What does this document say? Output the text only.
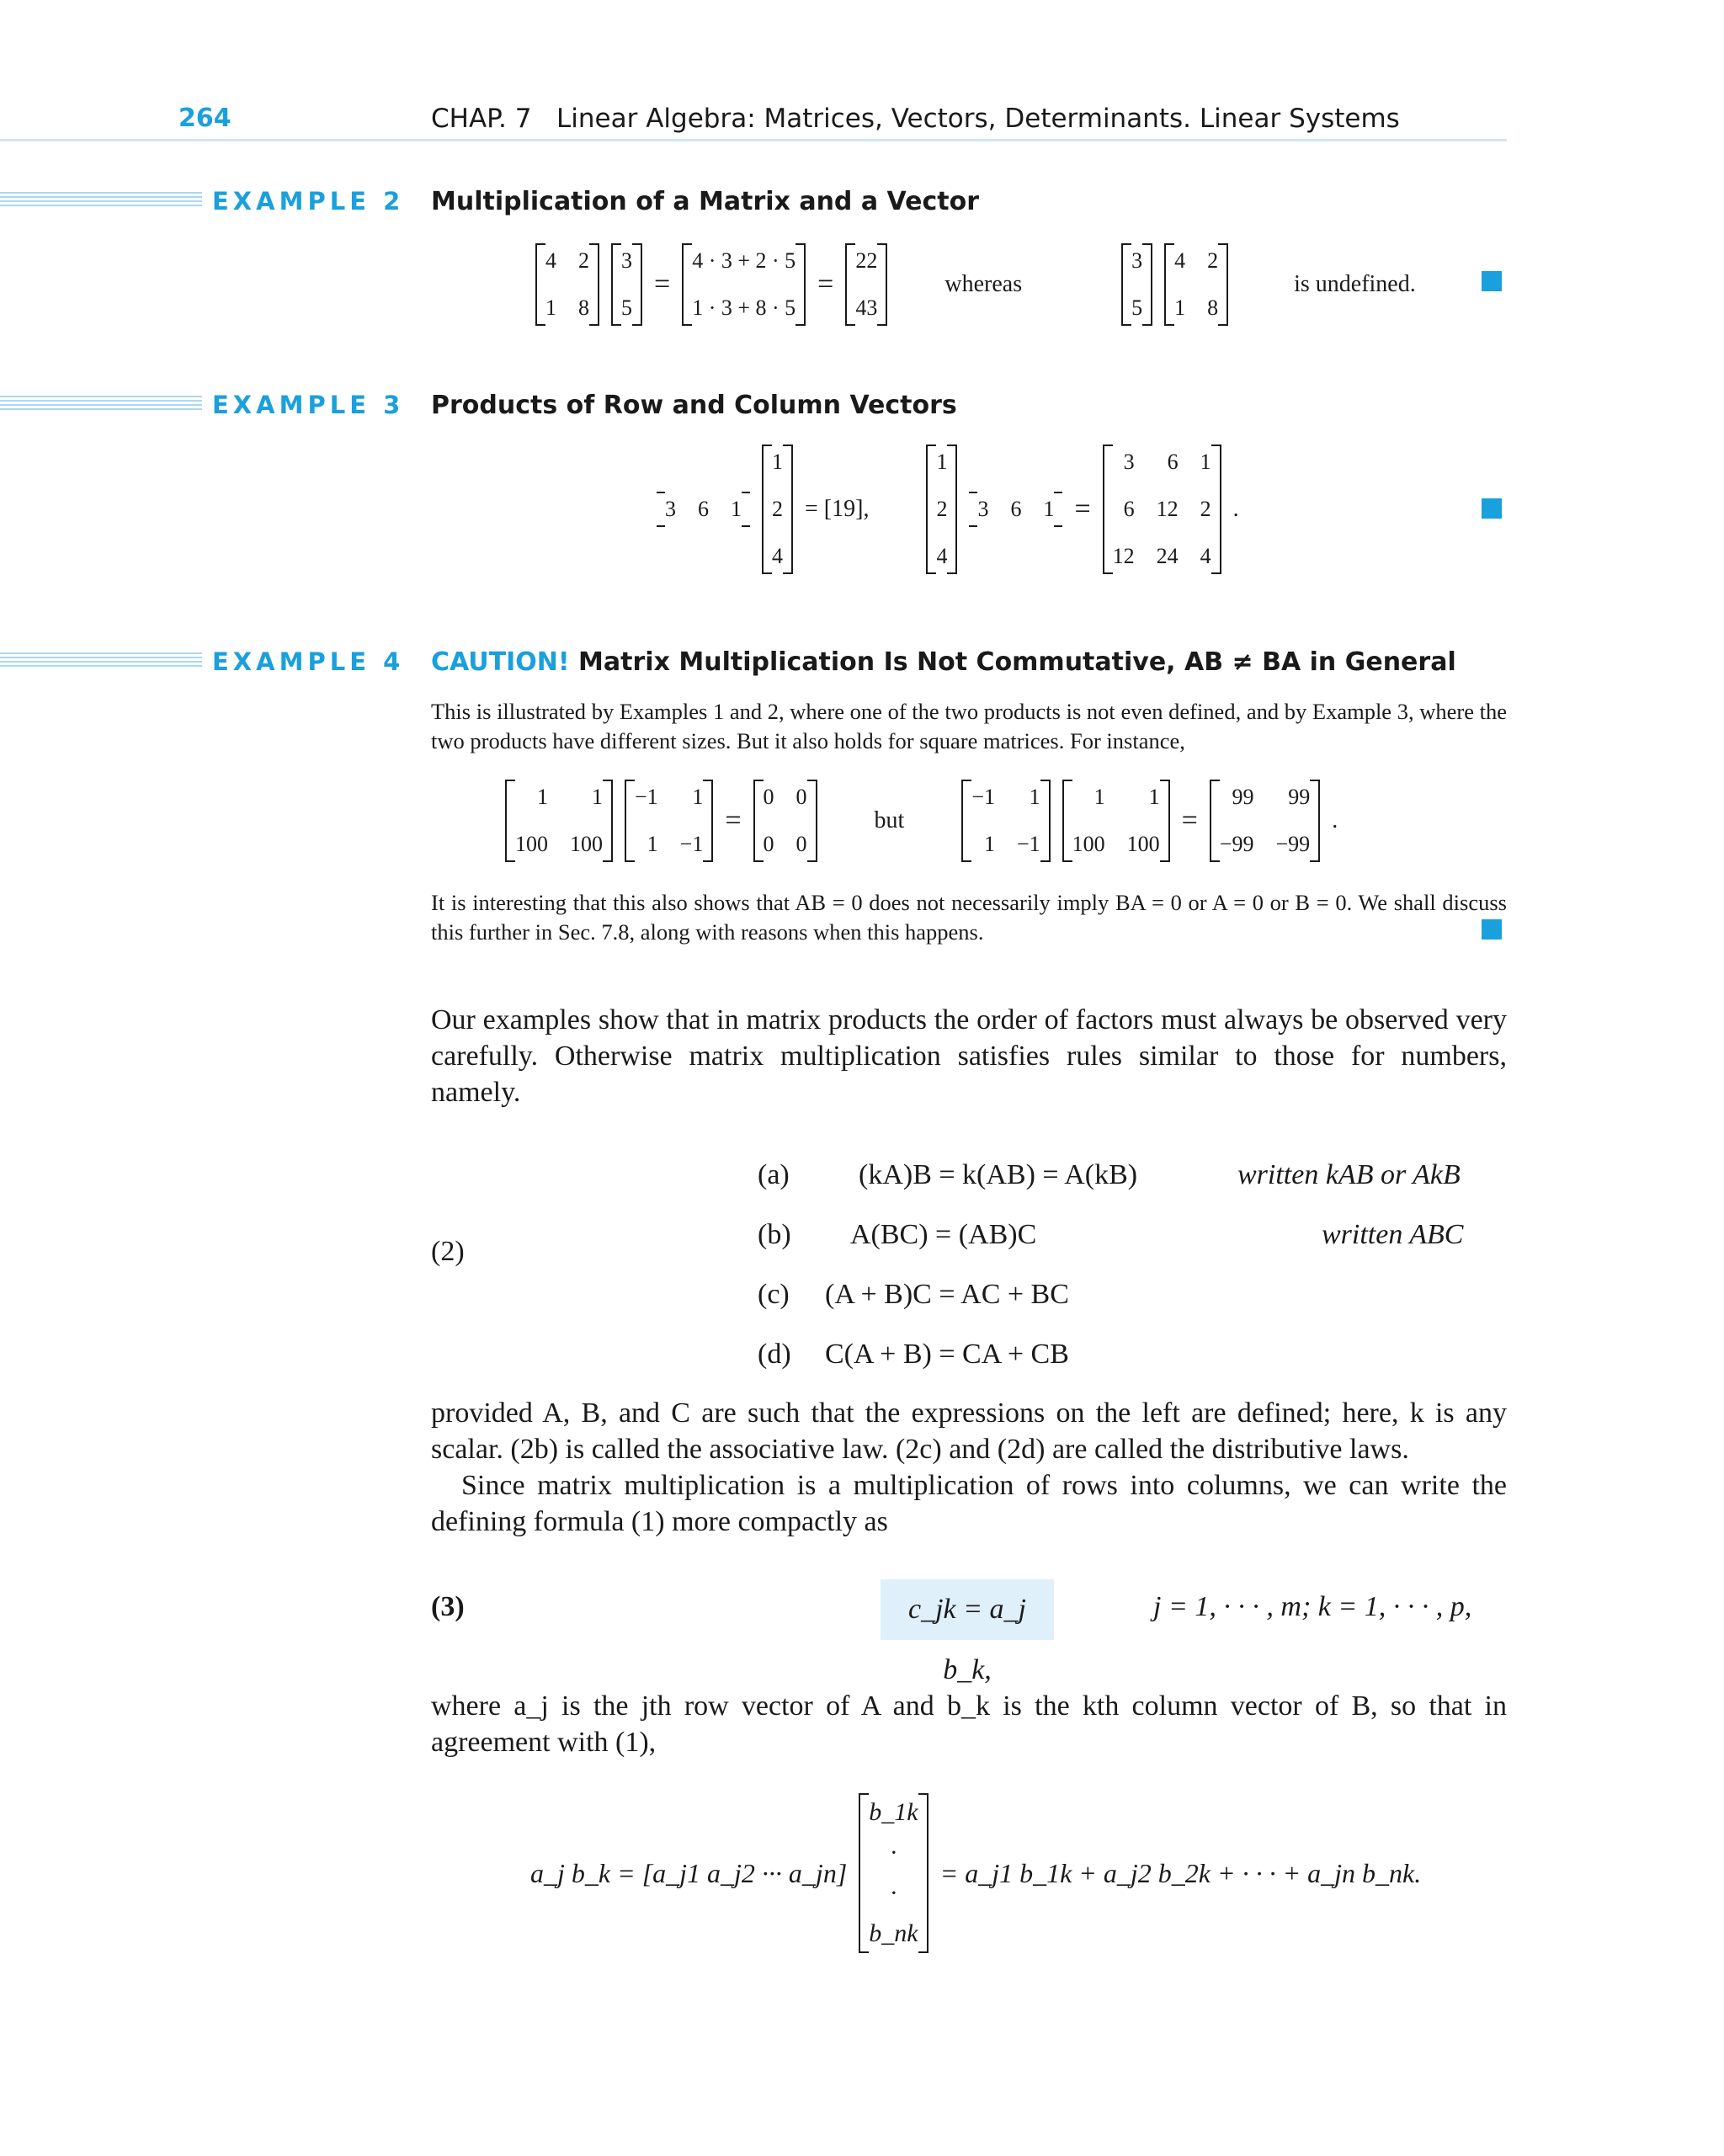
264	CHAP. 7   Linear Algebra: Matrices, Vectors, Determinants. Linear Systems
EXAMPLE 2 Multiplication of a Matrix and a Vector
4 2
1 8
3
5
=
4 · 3 + 2 · 5
1 · 3 + 8 · 5
=
22
43
whereas
3
5
4 2
1 8
is undefined.
EXAMPLE 3 Products of Row and Column Vectors
3 6 1
1
2
4
= [19],
1
2
4
3 6 1 =
3	6 1
6 12 2
12 24 4
.
EXAMPLE 4 CAUTION! Matrix Multiplication Is Not Commutative, AB ≠ BA in General
This is illustrated by Examples 1 and 2, where one of the two products is not even defined, and by Example 3, where the two products have different sizes. But it also holds for square matrices. For instance,
1	1
100 100
−1	1
1 −1
=
0 0
0 0
but
−1	1
1 −1
1	1
100 100
=
99	99
−99 −99
.
It is interesting that this also shows that AB = 0 does not necessarily imply BA = 0 or A = 0 or B = 0. We shall discuss this further in Sec. 7.8, along with reasons when this happens.
Our examples show that in matrix products the order of factors must always be observed very carefully. Otherwise matrix multiplication satisfies rules similar to those for numbers, namely.
(2)
(a)	(kA)B = k(AB) = A(kB)	written kAB or AkB
(b)	A(BC) = (AB)C	written ABC
(c)	(A + B)C = AC + BC
(d)	C(A + B) = CA + CB
provided A, B, and C are such that the expressions on the left are defined; here, k is any scalar. (2b) is called the associative law. (2c) and (2d) are called the distributive laws.
Since matrix multiplication is a multiplication of rows into columns, we can write the defining formula (1) more compactly as
(3)	c_jk = a_j b_k,
j = 1, · · · , m; k = 1, · · · , p,
where a_j is the jth row vector of A and b_k is the kth column vector of B, so that in agreement with (1),
a_j b_k = [a_j1 a_j2 ··· a_jn]
b_1k
·
·
b_nk
= a_j1 b_1k + a_j2 b_2k + · · · + a_jn b_nk.
